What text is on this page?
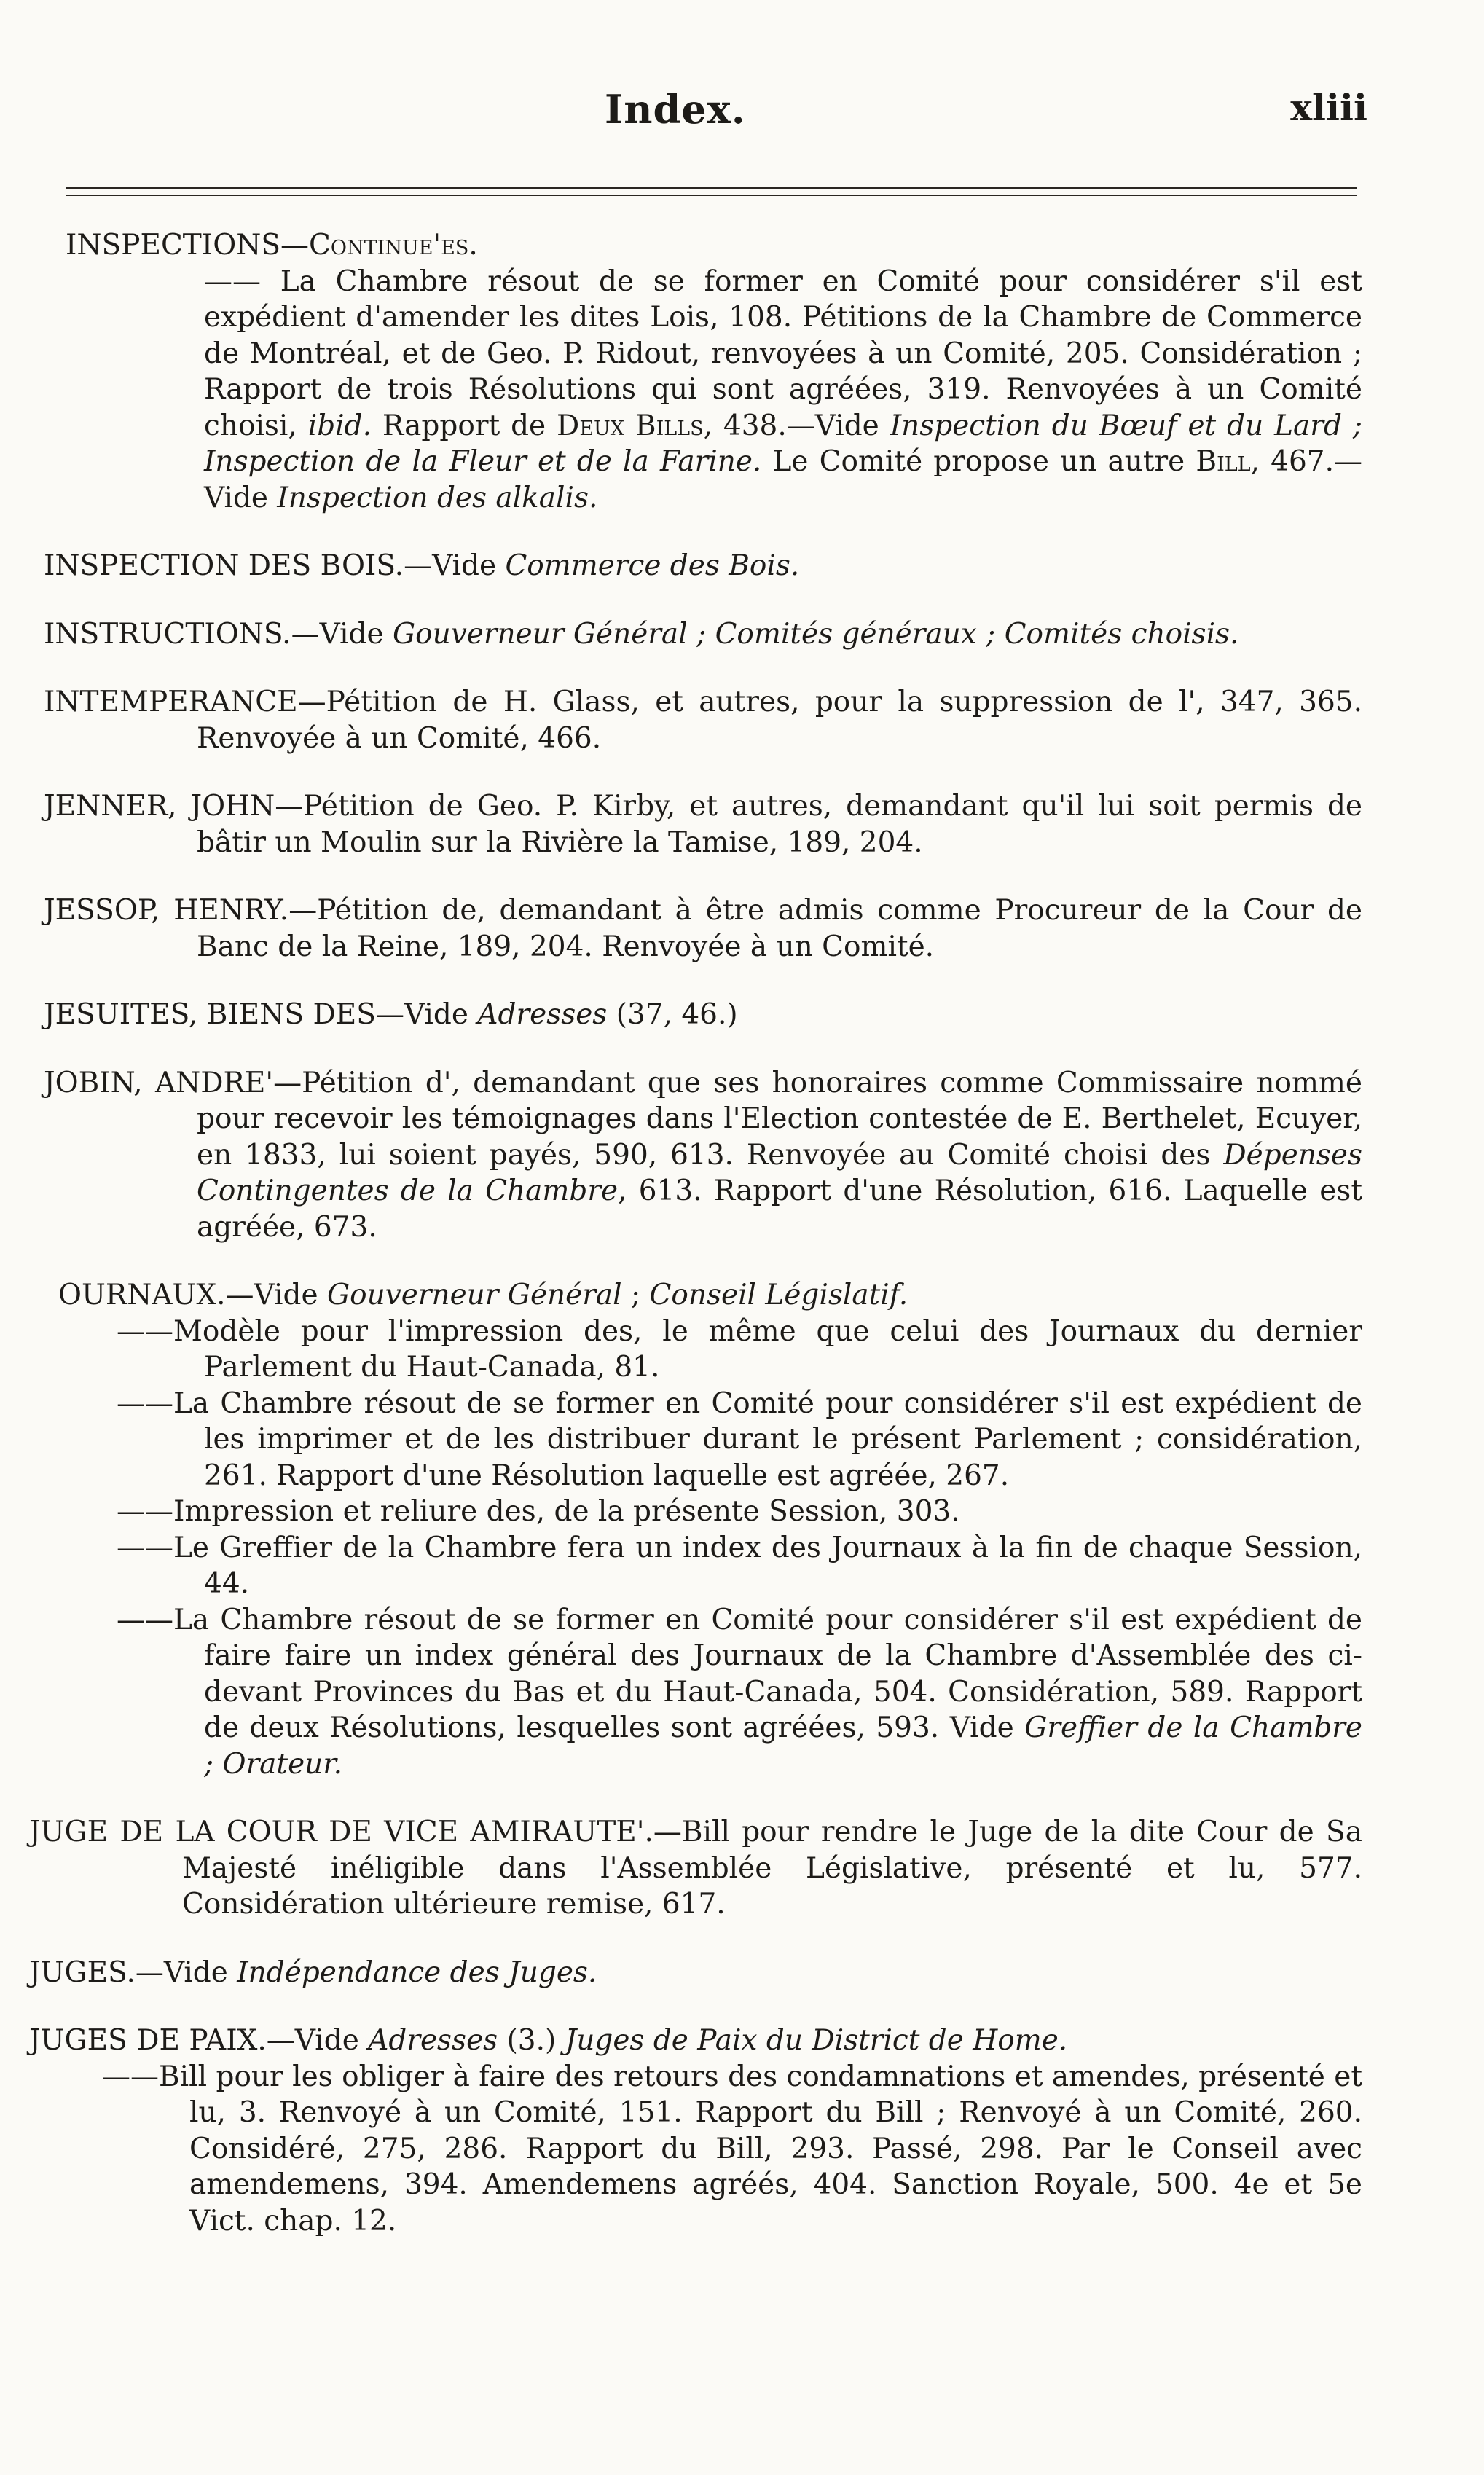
Index.	xliii
INSPECTIONS—Continue'es.
—— La Chambre résout de se former en Comité pour considérer s'il est expédient d'amender les dites Lois, 108. Pétitions de la Chambre de Commerce de Montréal, et de Geo. P. Ridout, renvoyées à un Comité, 205. Considération ; Rapport de trois Résolutions qui sont agréées, 319. Renvoyées à un Comité choisi, ibid. Rapport de Deux Bills, 438.—Vide Inspection du Bœuf et du Lard ; Inspection de la Fleur et de la Farine. Le Comité propose un autre Bill, 467.—Vide Inspection des alkalis.
INSPECTION DES BOIS.—Vide Commerce des Bois.
INSTRUCTIONS.—Vide Gouverneur Général ; Comités généraux ; Comités choisis.
INTEMPERANCE—Pétition de H. Glass, et autres, pour la suppression de l', 347, 365. Renvoyée à un Comité, 466.
JENNER, JOHN—Pétition de Geo. P. Kirby, et autres, demandant qu'il lui soit permis de bâtir un Moulin sur la Rivière la Tamise, 189, 204.
JESSOP, HENRY.—Pétition de, demandant à être admis comme Procureur de la Cour de Banc de la Reine, 189, 204. Renvoyée à un Comité.
JESUITES, BIENS DES—Vide Adresses (37, 46.)
JOBIN, ANDRE'—Pétition d', demandant que ses honoraires comme Commissaire nommé pour recevoir les témoignages dans l'Election contestée de E. Berthelet, Ecuyer, en 1833, lui soient payés, 590, 613. Renvoyée au Comité choisi des Dépenses Contingentes de la Chambre, 613. Rapport d'une Résolution, 616. Laquelle est agréée, 673.
OURNAUX.—Vide Gouverneur Général ; Conseil Législatif.
——Modèle pour l'impression des, le même que celui des Journaux du dernier Parlement du Haut-Canada, 81.
——La Chambre résout de se former en Comité pour considérer s'il est expédient de les imprimer et de les distribuer durant le présent Parlement ; considération, 261. Rapport d'une Résolution laquelle est agréée, 267.
——Impression et reliure des, de la présente Session, 303.
——Le Greffier de la Chambre fera un index des Journaux à la fin de chaque Session, 44.
——La Chambre résout de se former en Comité pour considérer s'il est expédient de faire faire un index général des Journaux de la Chambre d'Assemblée des ci-devant Provinces du Bas et du Haut-Canada, 504. Considération, 589. Rapport de deux Résolutions, lesquelles sont agréées, 593. Vide Greffier de la Chambre ; Orateur.
JUGE DE LA COUR DE VICE AMIRAUTE'.—Bill pour rendre le Juge de la dite Cour de Sa Majesté inéligible dans l'Assemblée Législative, présenté et lu, 577. Considération ultérieure remise, 617.
JUGES.—Vide Indépendance des Juges.
JUGES DE PAIX.—Vide Adresses (3.) Juges de Paix du District de Home.
——Bill pour les obliger à faire des retours des condamnations et amendes, présenté et lu, 3. Renvoyé à un Comité, 151. Rapport du Bill ; Renvoyé à un Comité, 260. Considéré, 275, 286. Rapport du Bill, 293. Passé, 298. Par le Conseil avec amendemens, 394. Amendemens agréés, 404. Sanction Royale, 500. 4e et 5e Vict. chap. 12.
